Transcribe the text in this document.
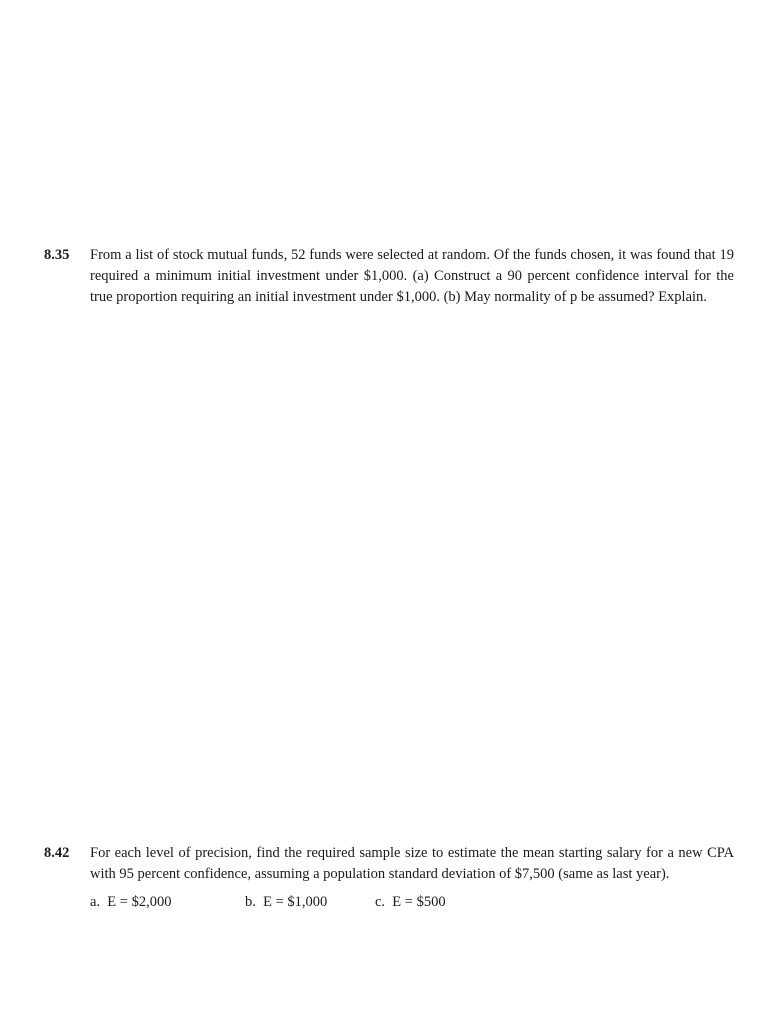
8.35	From a list of stock mutual funds, 52 funds were selected at random. Of the funds chosen, it was found that 19 required a minimum initial investment under $1,000. (a) Construct a 90 percent confidence interval for the true proportion requiring an initial investment under $1,000. (b) May normality of p be assumed? Explain.

8.42	For each level of precision, find the required sample size to estimate the mean starting salary for a new CPA with 95 percent confidence, assuming a population standard deviation of $7,500 (same as last year).

a.  E = $2,000	b.  E = $1,000	c.  E = $500
